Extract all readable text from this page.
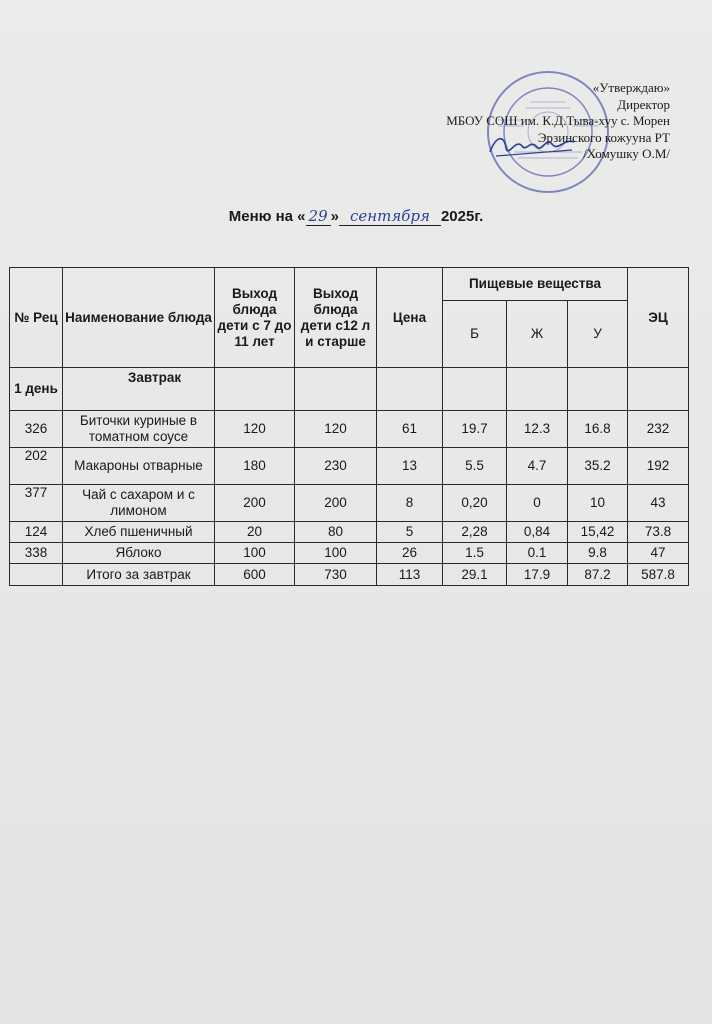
«Утверждаю»
Директор
МБОУ СОШ им. К.Д.Тыва-хуу с. Морен
Эрзинского кожууна РТ
/Хомушку О.М/
Меню на « 29 » сентября 2025г.
№ Рец	Наименование блюда	Выход блюда дети с 7 до 11 лет	Выход блюда дети с12 л и старше	Цена	Пищевые вещества			ЭЦ
					Б	Ж	У	
1 день	Завтрак							
326	Биточки куриные в томатном соусе	120	120	61	19.7	12.3	16.8	232
202	Макароны отварные	180	230	13	5.5	4.7	35.2	192
377	Чай с сахаром и с лимоном	200	200	8	0,20	0	10	43
124	Хлеб пшеничный	20	80	5	2,28	0,84	15,42	73.8
338	Яблоко	100	100	26	1.5	0.1	9.8	47
	Итого за завтрак	600	730	113	29.1	17.9	87.2	587.8
